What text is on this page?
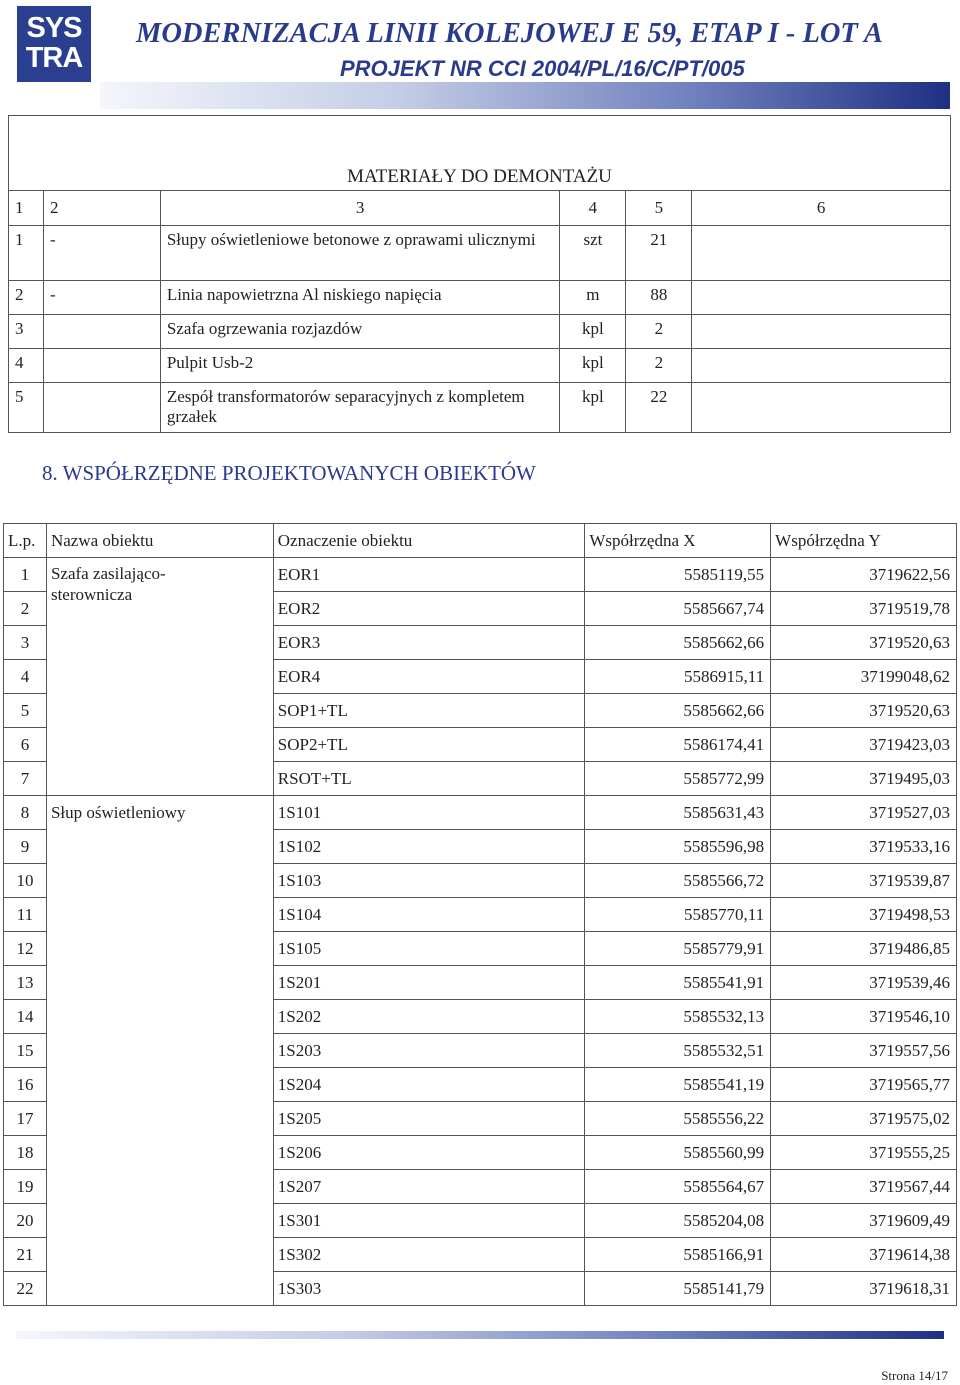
SYS
TRA
MODERNIZACJA LINII KOLEJOWEJ E 59, ETAP I - LOT A
PROJEKT NR CCI 2004/PL/16/C/PT/005
MATERIAŁY DO DEMONTAŻU					
1	2	3	4	5	6
1	-	Słupy oświetleniowe betonowe z oprawami ulicznymi	szt	21	
2	-	Linia napowietrzna Al niskiego napięcia	m	88	
3		Szafa ogrzewania rozjazdów	kpl	2	
4		Pulpit Usb-2	kpl	2	
5		Zespół transformatorów separacyjnych z kompletem grzałek	kpl	22	
8. WSPÓŁRZĘDNE PROJEKTOWANYCH OBIEKTÓW
L.p.	Nazwa obiektu	Oznaczenie obiektu	Współrzędna X	Współrzędna Y
1	Szafa zasilająco-sterownicza	EOR1	5585119,55	3719622,56
2		EOR2	5585667,74	3719519,78
3		EOR3	5585662,66	3719520,63
4		EOR4	5586915,11	37199048,62
5		SOP1+TL	5585662,66	3719520,63
6		SOP2+TL	5586174,41	3719423,03
7		RSOT+TL	5585772,99	3719495,03
8	Słup oświetleniowy	1S101	5585631,43	3719527,03
9		1S102	5585596,98	3719533,16
10		1S103	5585566,72	3719539,87
11		1S104	5585770,11	3719498,53
12		1S105	5585779,91	3719486,85
13		1S201	5585541,91	3719539,46
14		1S202	5585532,13	3719546,10
15		1S203	5585532,51	3719557,56
16		1S204	5585541,19	3719565,77
17		1S205	5585556,22	3719575,02
18		1S206	5585560,99	3719555,25
19		1S207	5585564,67	3719567,44
20		1S301	5585204,08	3719609,49
21		1S302	5585166,91	3719614,38
22		1S303	5585141,79	3719618,31
Strona 14/17
